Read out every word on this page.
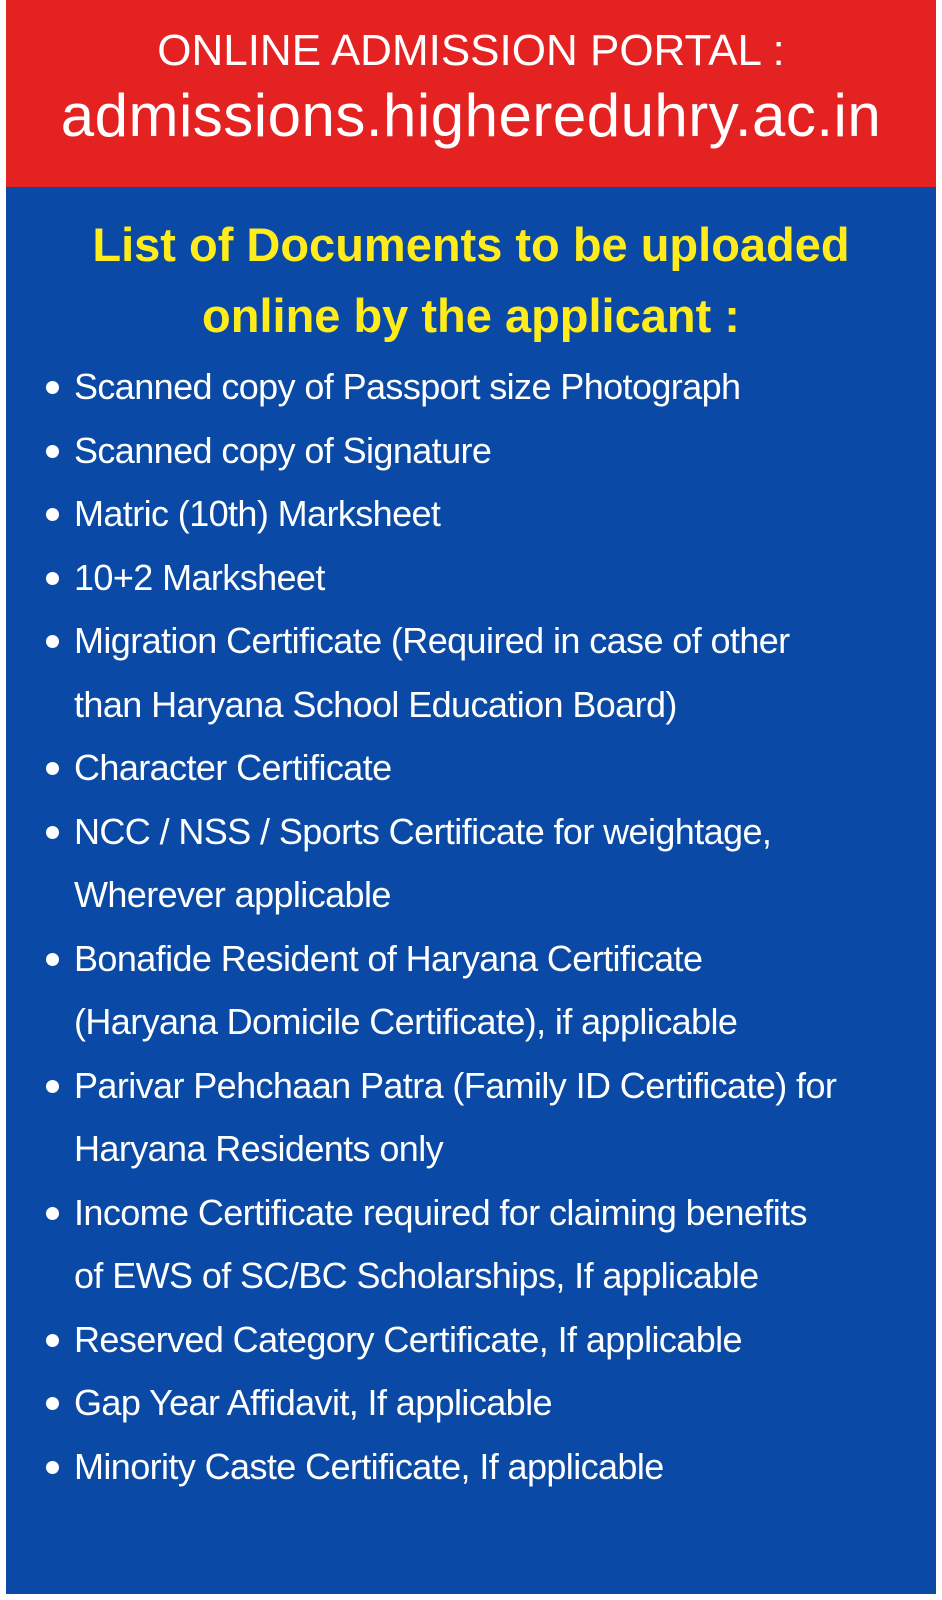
ONLINE ADMISSION PORTAL :
admissions.highereduhry.ac.in
List of Documents to be uploaded
online by the applicant :
Scanned copy of Passport size Photograph
Scanned copy of Signature
Matric (10th) Marksheet
10+2 Marksheet
Migration Certificate (Required in case of other
than Haryana School Education Board)
Character Certificate
NCC / NSS / Sports Certificate for weightage,
Wherever applicable
Bonafide Resident of Haryana Certificate
(Haryana Domicile Certificate), if applicable
Parivar Pehchaan Patra (Family ID Certificate) for
Haryana Residents only
Income Certificate required for claiming benefits
of EWS of SC/BC Scholarships, If applicable
Reserved Category Certificate, If applicable
Gap Year Affidavit, If applicable
Minority Caste Certificate, If applicable
